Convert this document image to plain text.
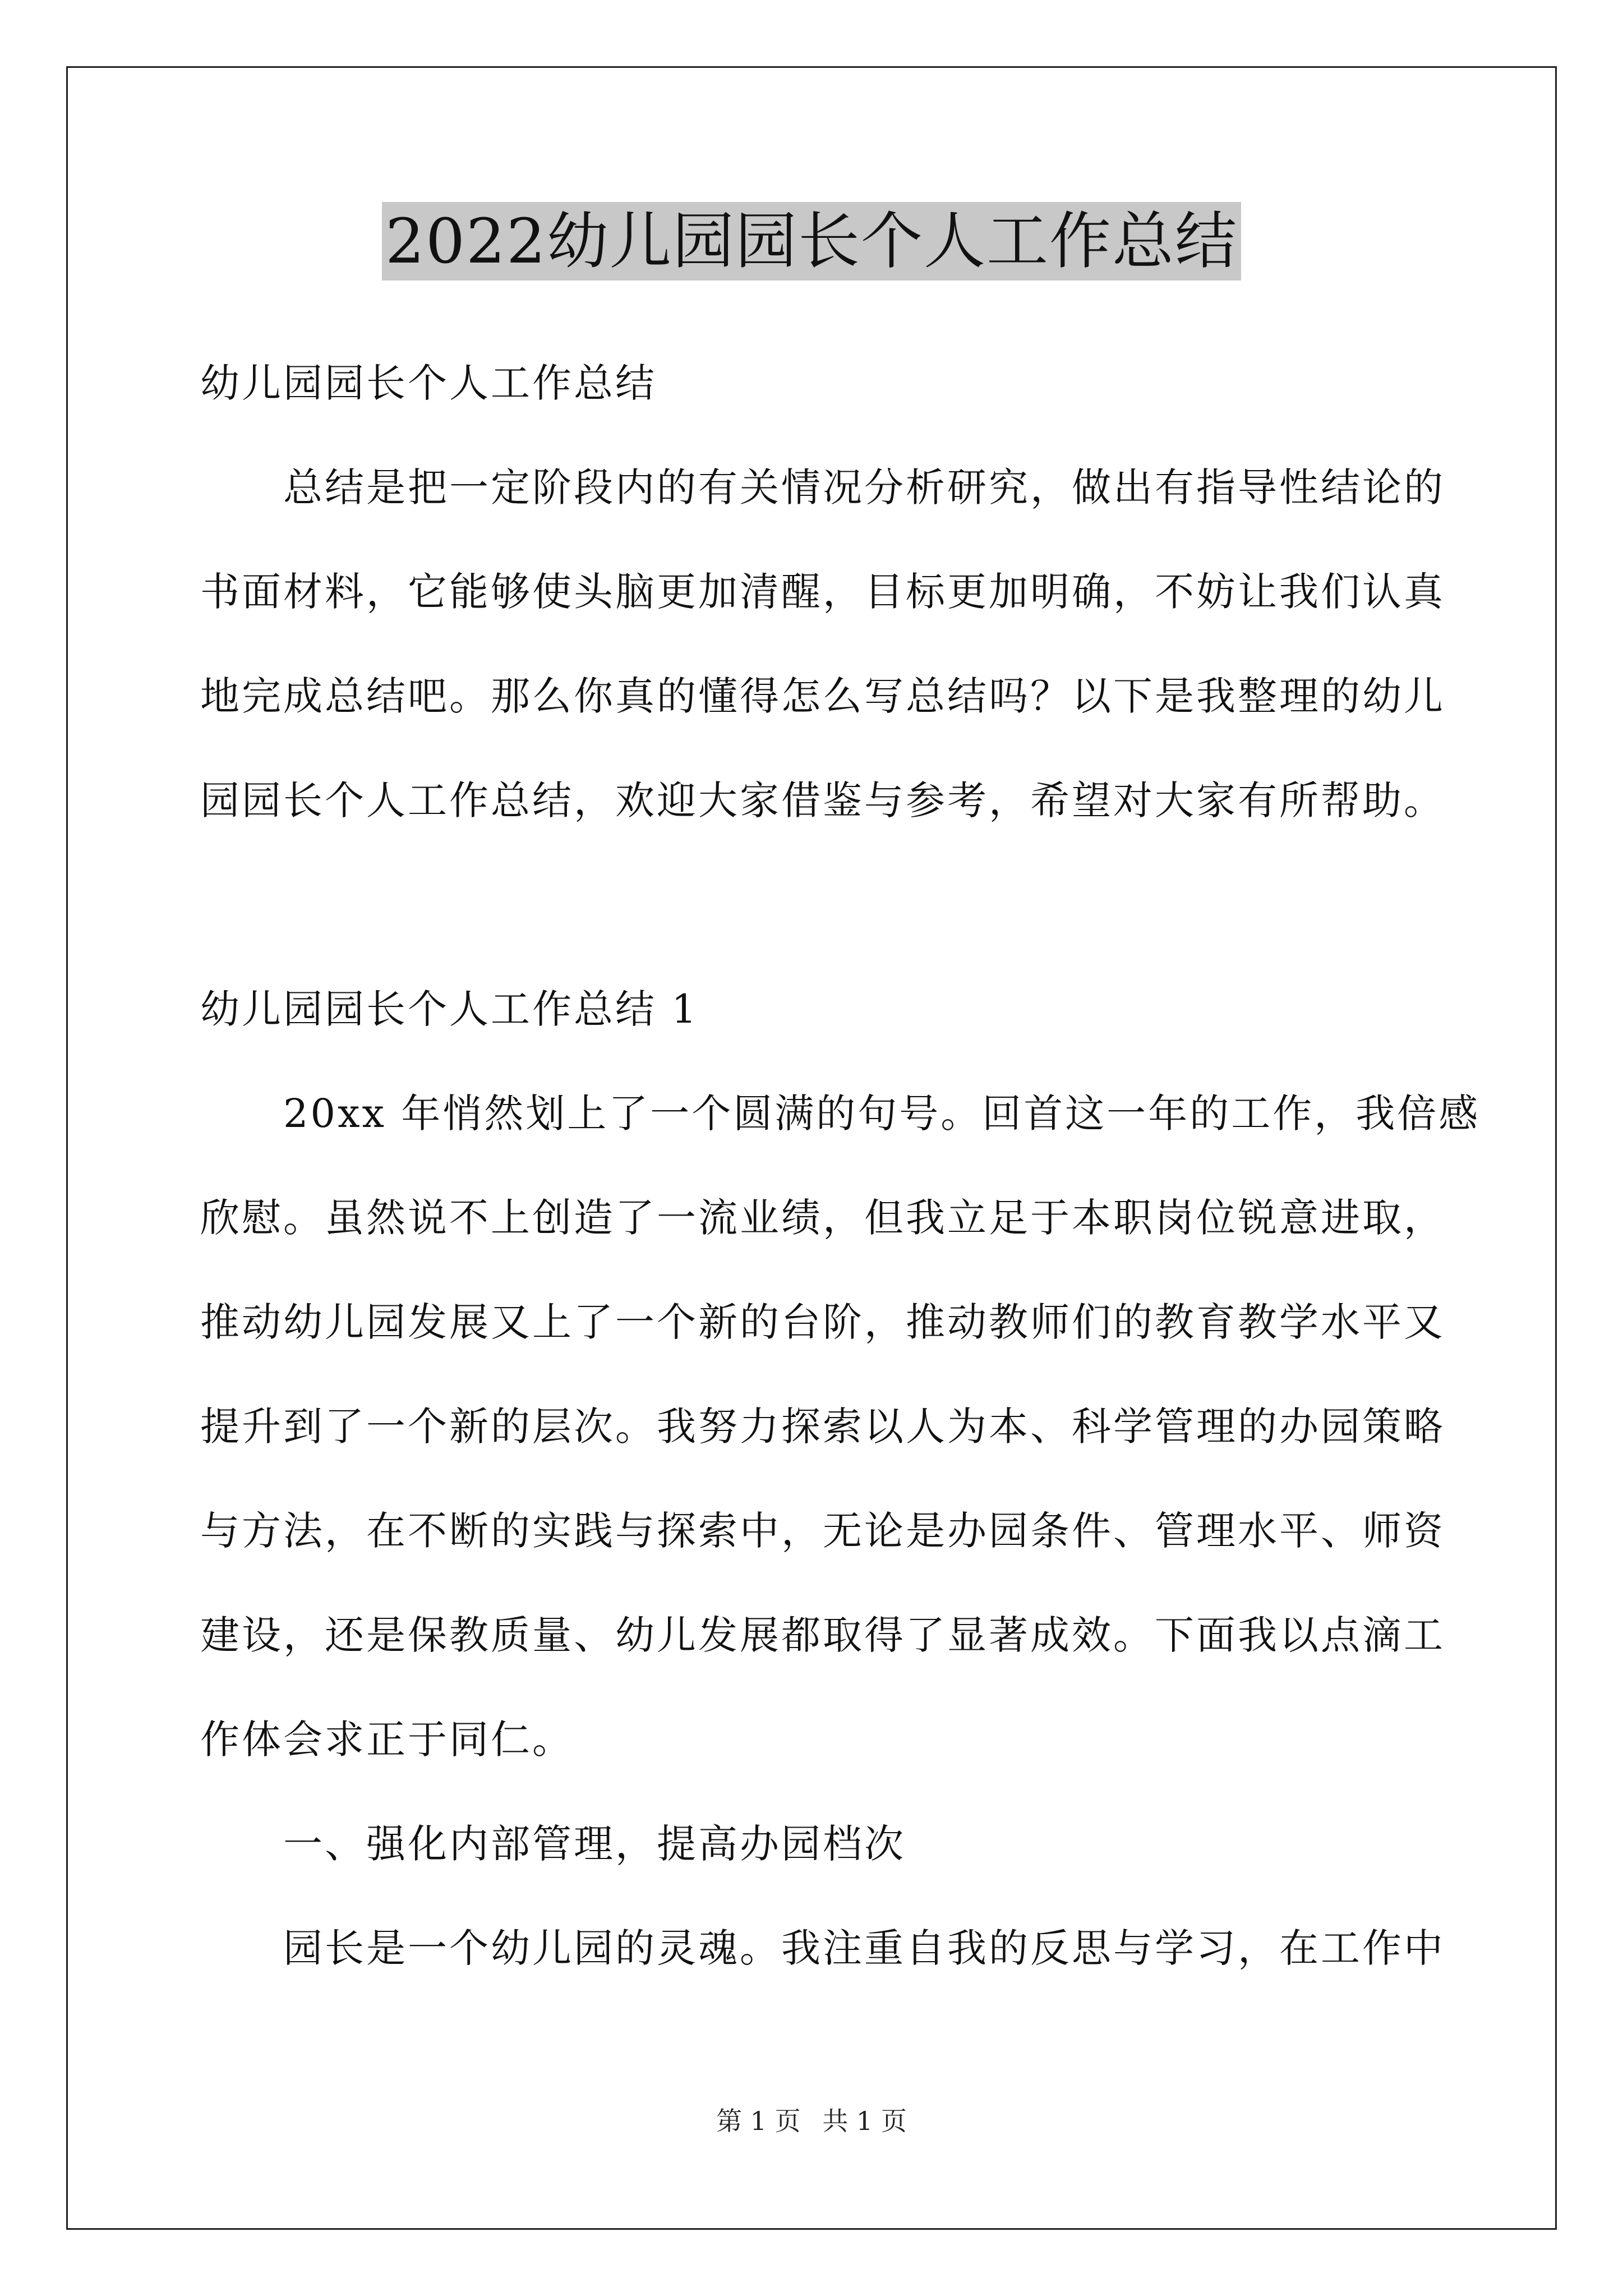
2022幼儿园园长个人工作总结
幼儿园园长个人工作总结
总结是把一定阶段内的有关情况分析研究，做出有指导性结论的
书面材料，它能够使头脑更加清醒，目标更加明确，不妨让我们认真
地完成总结吧。那么你真的懂得怎么写总结吗？以下是我整理的幼儿
园园长个人工作总结，欢迎大家借鉴与参考，希望对大家有所帮助。
幼儿园园长个人工作总结 1
20xx 年悄然划上了一个圆满的句号。回首这一年的工作，我倍感
欣慰。虽然说不上创造了一流业绩，但我立足于本职岗位锐意进取，
推动幼儿园发展又上了一个新的台阶，推动教师们的教育教学水平又
提升到了一个新的层次。我努力探索以人为本、科学管理的办园策略
与方法，在不断的实践与探索中，无论是办园条件、管理水平、师资
建设，还是保教质量、幼儿发展都取得了显著成效。下面我以点滴工
作体会求正于同仁。
一、强化内部管理，提高办园档次
园长是一个幼儿园的灵魂。我注重自我的反思与学习，在工作中
第 1 页 共 1 页
